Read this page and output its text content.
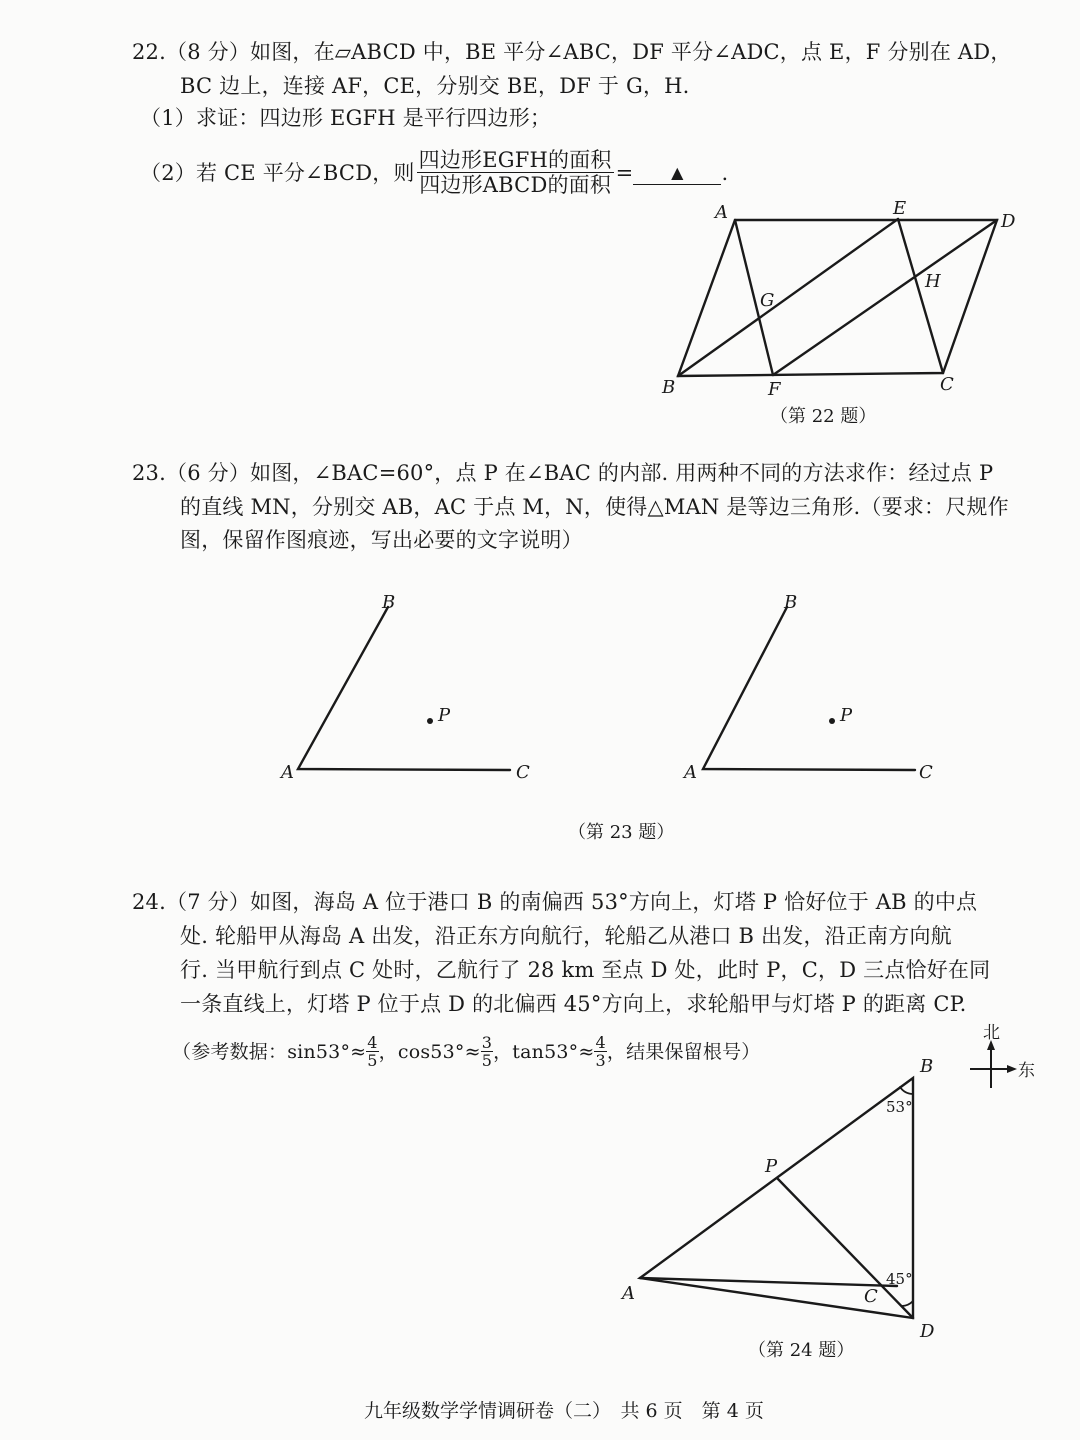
22.（8 分）如图，在▱ABCD 中，BE 平分∠ABC，DF 平分∠ADC，点 E，F 分别在 AD，
BC 边上，连接 AF，CE，分别交 BE，DF 于 G，H.
（1）求证：四边形 EGFH 是平行四边形；
（2）若 CE 平分∠BCD，则 $\frac{\text{四边形EGFH的面积}}{\text{四边形ABCD的面积}}$ =	▲	.
A	E
D
G
H
B	F	C
（第 22 题）
23.（6 分）如图，∠BAC=60°，点 P 在∠BAC 的内部. 用两种不同的方法求作：经过点 P
的直线 MN，分别交 AB，AC 于点 M，N，使得△MAN 是等边三角形.（要求：尺规作
图，保留作图痕迹，写出必要的文字说明）
B
A	C
P
B
A	C
P
（第 23 题）
24.（7 分）如图，海岛 A 位于港口 B 的南偏西 53°方向上，灯塔 P 恰好位于 AB 的中点
处. 轮船甲从海岛 A 出发，沿正东方向航行，轮船乙从港口 B 出发，沿正南方向航
行. 当甲航行到点 C 处时，乙航行了 28 km 至点 D 处，此时 P，C，D 三点恰好在同
一条直线上，灯塔 P 位于点 D 的北偏西 45°方向上，求轮船甲与灯塔 P 的距离 CP.
（参考数据：$\sin 53^\circ\approx \frac{4}{5}$ ，$\cos 53^\circ\approx \frac{3}{5}$ ，$\tan 53^\circ\approx \frac{4}{3}$ ，结果保留根号）
北
东
B
P
A	C
D
53°
45°
（第 24 题）
九年级数学学情调研卷（二）　共 6 页　第 4 页
